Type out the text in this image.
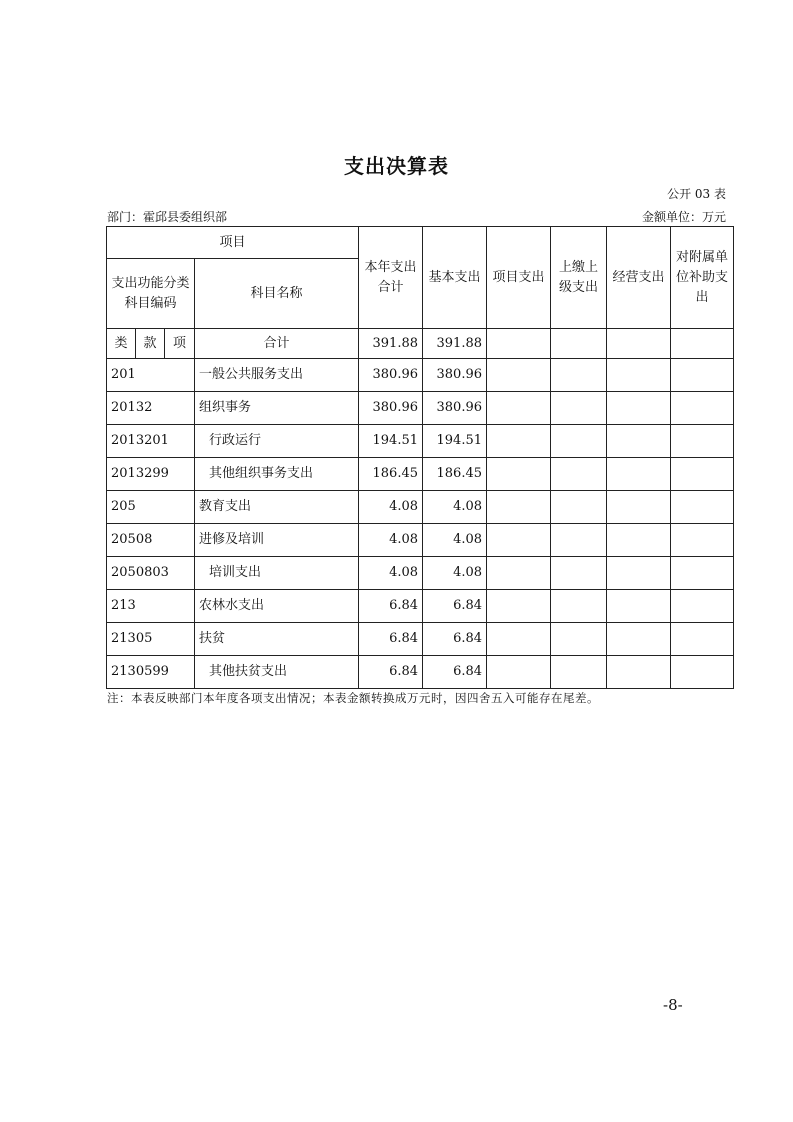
支出决算表
公开 03 表
部门：霍邱县委组织部	金额单位：万元
项目				本年支出合计	基本支出	项目支出	上缴上级支出	经营支出	对附属单位补助支出
支出功能分类科目编码			科目名称						
类	款	项	合计	391.88	391.88				
201			一般公共服务支出	380.96	380.96				
20132			组织事务	380.96	380.96				
2013201			行政运行	194.51	194.51				
2013299			其他组织事务支出	186.45	186.45				
205			教育支出	4.08	4.08				
20508			进修及培训	4.08	4.08				
2050803			培训支出	4.08	4.08				
213			农林水支出	6.84	6.84				
21305			扶贫	6.84	6.84				
2130599			其他扶贫支出	6.84	6.84				
注：本表反映部门本年度各项支出情况；本表金额转换成万元时，因四舍五入可能存在尾差。
-8-
